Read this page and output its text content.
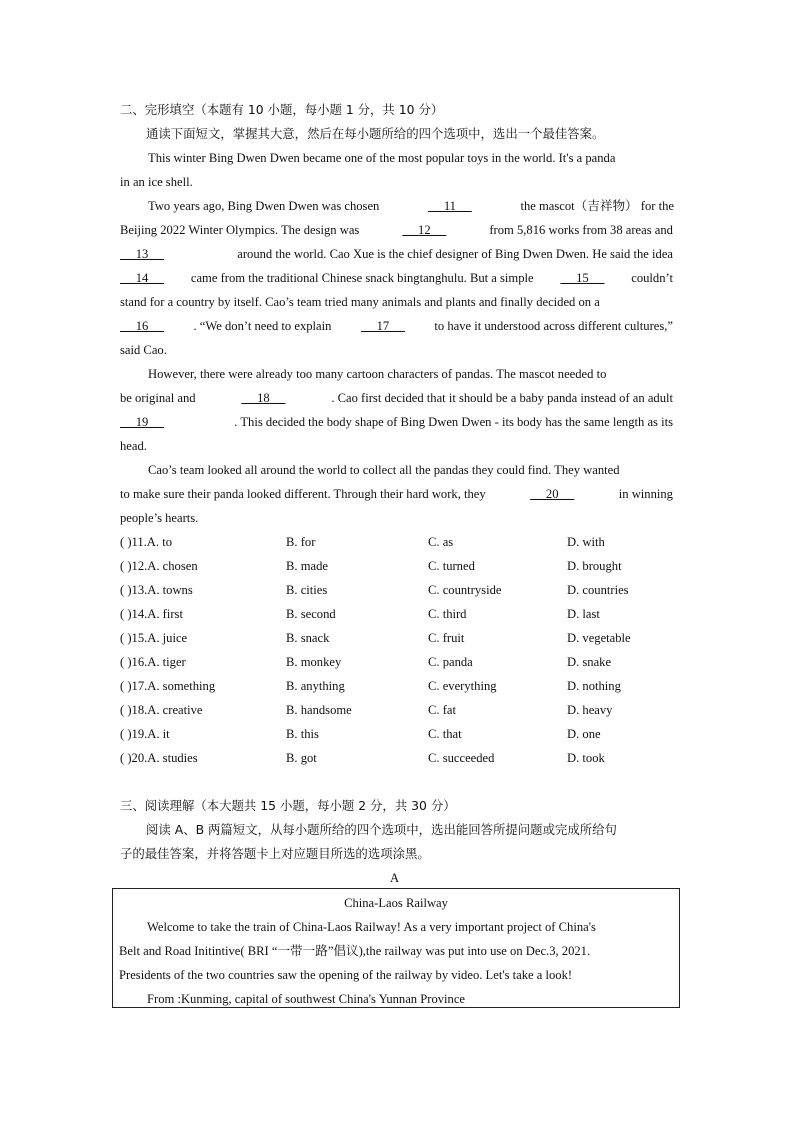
二、完形填空（本题有 10 小题，每小题 1 分，共 10 分）
通读下面短文，掌握其大意，然后在每小题所给的四个选项中，选出一个最佳答案。
This winter Bing Dwen Dwen became one of the most popular toys in the world. It's a panda
in an ice shell.
Two years ago, Bing Dwen Dwen was chosen	__11__	the mascot（吉祥物） for the
Beijing 2022 Winter Olympics. The design was	__12__	from 5,816 works from 38 areas and
__13__	around the world. Cao Xue is the chief designer of Bing Dwen Dwen. He said the idea
__14__ came from the traditional Chinese snack bingtanghulu. But a simple __15__ couldn’t
stand for a country by itself. Cao’s team tried many animals and plants and finally decided on a
__16__ . “We don’t need to explain __17__ to have it understood across different cultures,”
said Cao.
However, there were already too many cartoon characters of pandas. The mascot needed to
be original and	__18__	. Cao first decided that it should be a baby panda instead of an adult
__19__	. This decided the body shape of Bing Dwen Dwen - its body has the same length as its
head.
Cao’s team looked all around the world to collect all the pandas they could find. They wanted
to make sure their panda looked different. Through their hard work, they	__20__	in winning
people’s hearts.
( )11.A. to	B. for	C. as	D. with
( )12.A. chosen	B. made	C. turned	D. brought
( )13.A. towns	B. cities	C. countryside	D. countries
( )14.A. first	B. second	C. third	D. last
( )15.A. juice	B. snack	C. fruit	D. vegetable
( )16.A. tiger	B. monkey	C. panda	D. snake
( )17.A. something	B. anything	C. everything	D. nothing
( )18.A. creative	B. handsome	C. fat	D. heavy
( )19.A. it	B. this	C. that	D. one
( )20.A. studies	B. got	C. succeeded	D. took
三、阅读理解（本大题共 15 小题，每小题 2 分，共 30 分）
阅读 A、B 两篇短文，从每小题所给的四个选项中，选出能回答所提问题或完成所给句
子的最佳答案，并将答题卡上对应题目所选的选项涂黑。
A
China-Laos Railway
Welcome to take the train of China-Laos Railway! As a very important project of China's
Belt and Road Initintive( BRI “一带一路”倡议),the railway was put into use on Dec.3, 2021.
Presidents of the two countries saw the opening of the railway by video. Let's take a look!
From :Kunming, capital of southwest China's Yunnan Province
